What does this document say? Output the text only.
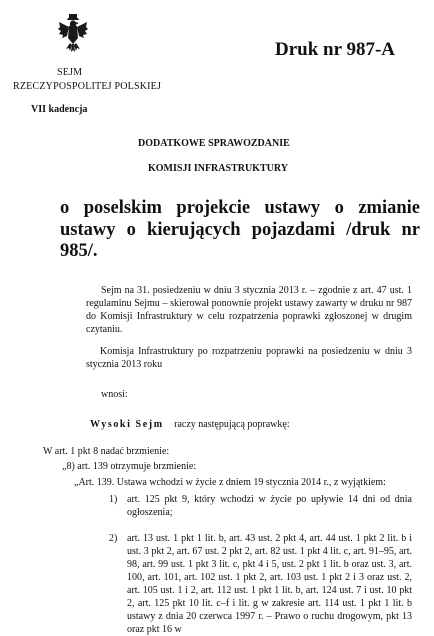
SEJM
RZECZYPOSPOLITEJ POLSKIEJ
Druk nr 987-A
VII kadencja
DODATKOWE SPRAWOZDANIE
KOMISJI INFRASTRUKTURY
o poselskim projekcie ustawy o zmianie ustawy o kierujących pojazdami /druk nr 985/.
Sejm na 31. posiedzeniu w dniu 3 stycznia 2013 r. – zgodnie z art. 47 ust. 1 regulaminu Sejmu – skierował ponownie projekt ustawy zawarty w druku nr 987 do Komisji Infrastruktury w celu rozpatrzenia poprawki zgłoszonej w drugim czytaniu.
Komisja Infrastruktury po rozpatrzeniu poprawki na posiedzeniu w dniu 3 stycznia 2013 roku
wnosi:
Wysoki Sejm raczy następującą poprawkę:
W art. 1 pkt 8 nadać brzmienie:
„8) art. 139 otrzymuje brzmienie:
„Art. 139. Ustawa wchodzi w życie z dniem 19 stycznia 2014 r., z wyjątkiem:
1) art. 125 pkt 9, który wchodzi w życie po upływie 14 dni od dnia ogłoszenia;
2) art. 13 ust. 1 pkt 1 lit. b, art. 43 ust. 2 pkt 4, art. 44 ust. 1 pkt 2 lit. b i ust. 3 pkt 2, art. 67 ust. 2 pkt 2, art. 82 ust. 1 pkt 4 lit. c, art. 91–95, art. 98, art. 99 ust. 1 pkt 3 lit. c, pkt 4 i 5, ust. 2 pkt 1 lit. b oraz ust. 3, art. 100, art. 101, art. 102 ust. 1 pkt 2, art. 103 ust. 1 pkt 2 i 3 oraz ust. 2, art. 105 ust. 1 i 2, art. 112 ust. 1 pkt 1 lit. b, art. 124 ust. 7 i ust. 10 pkt 2, art. 125 pkt 10 lit. c–f i lit. g w zakresie art. 114 ust. 1 pkt 1 lit. b ustawy z dnia 20 czerwca 1997 r. – Prawo o ruchu drogowym, pkt 13 oraz pkt 16 w
